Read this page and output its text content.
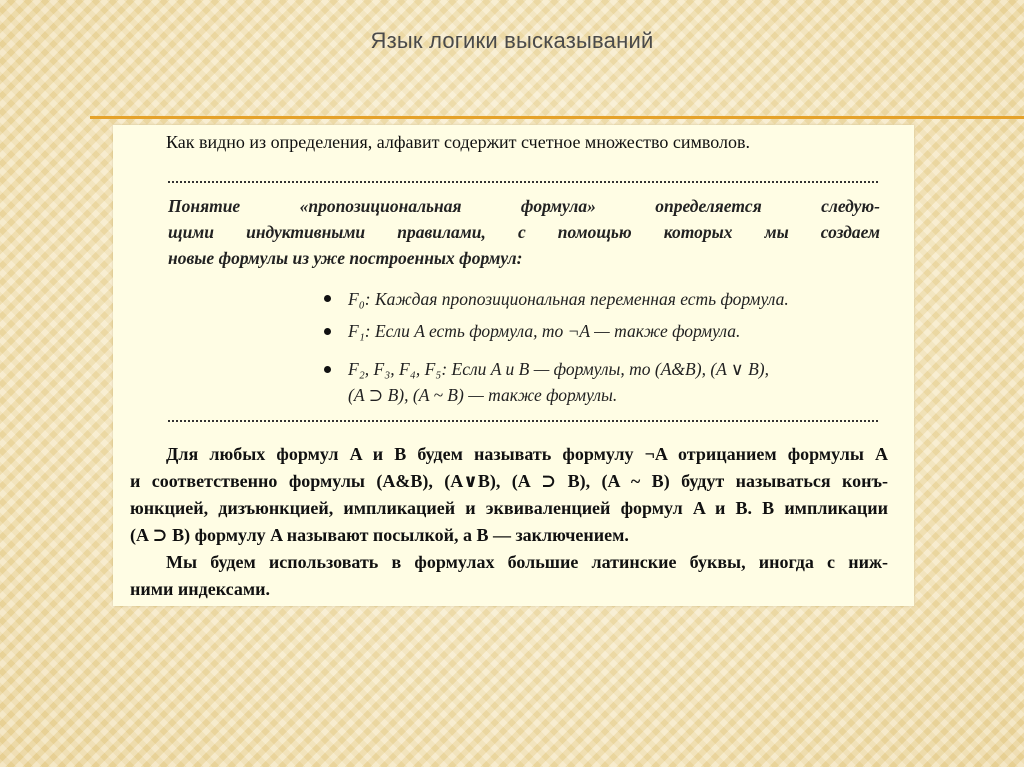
Язык логики высказываний
Как видно из определения, алфавит содержит счетное множество символов.
Понятие «пропозициональная формула» определяется следую-
щими индуктивными правилами, с помощью которых мы создаем
новые формулы из уже построенных формул:
F₀: Каждая пропозициональная переменная есть формула.
F₁: Если A есть формула, то ¬A — также формула.
F₂, F₃, F₄, F₅: Если A и B — формулы, то (A&B), (A ∨ B),
(A ⊃ B), (A ~ B) — также формулы.
Для любых формул A и B будем называть формулу ¬A отрицанием формулы A
и соответственно формулы (A&B), (A∨B), (A ⊃ B), (A ~ B) будут называться конъ-
юнкцией, дизъюнкцией, импликацией и эквиваленцией формул A и B. В импликации
(A ⊃ B) формулу A называют посылкой, а B — заключением.
Мы будем использовать в формулах большие латинские буквы, иногда с ниж-
ними индексами.
